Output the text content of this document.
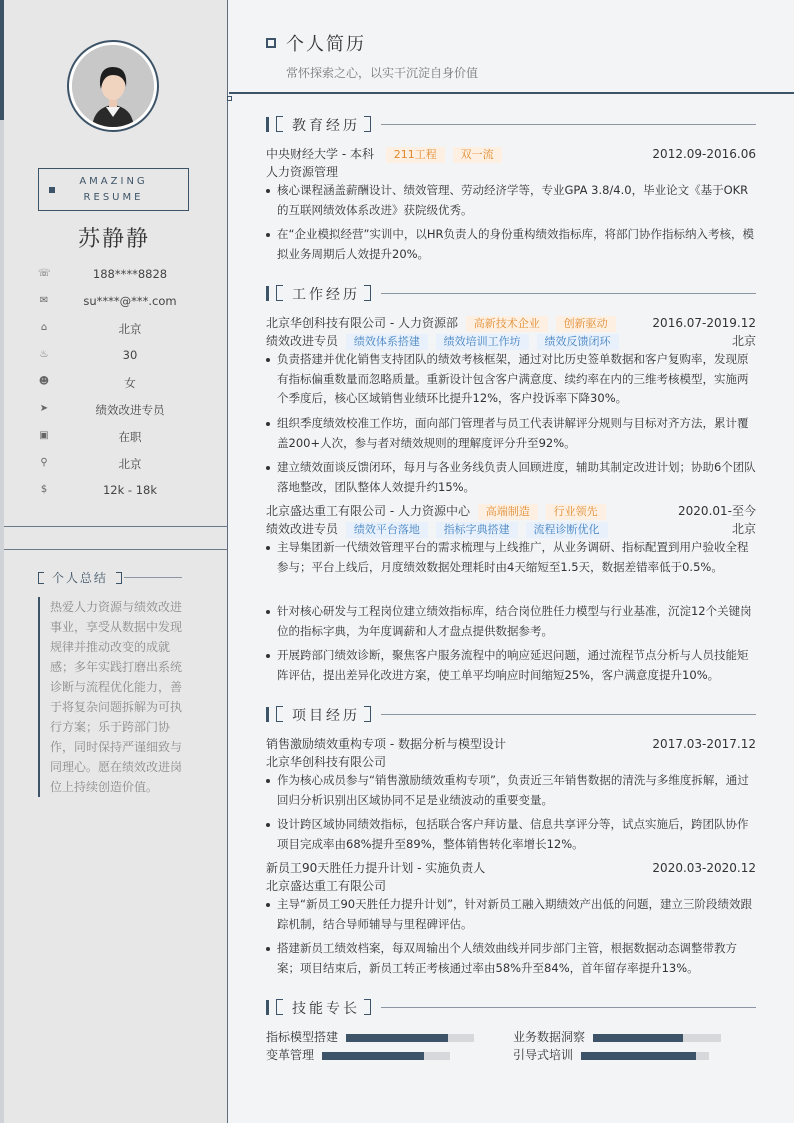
AMAZING
RESUME
苏静静
个人总结
热爱人力资源与绩效改进事业，享受从数据中发现规律并推动改变的成就感；多年实践打磨出系统诊断与流程优化能力，善于将复杂问题拆解为可执行方案；乐于跨部门协作，同时保持严谨细致与同理心。愿在绩效改进岗位上持续创造价值。
☏	188****8828
✉	su****@***.com
⌂	北京
♨	30
☻	女
➤	绩效改进专员
▣	在职
⚲	北京
$	12k - 18k
个人简历
常怀探索之心，以实干沉淀自身价值
教育经历
中央财经大学 - 本科 211工程 双一流	2012.09-2016.06
人力资源管理
核心课程涵盖薪酬设计、绩效管理、劳动经济学等，专业GPA 3.8/4.0，毕业论文《基于OKR的互联网绩效体系改进》获院级优秀。
在“企业模拟经营”实训中，以HR负责人的身份重构绩效指标库，将部门协作指标纳入考核，模拟业务周期后人效提升20%。
工作经历
北京华创科技有限公司 - 人力资源部 高新技术企业 创新驱动	2016.07-2019.12
绩效改进专员 绩效体系搭建 绩效培训工作坊 绩效反馈闭环	北京
负责搭建并优化销售支持团队的绩效考核框架，通过对比历史签单数据和客户复购率，发现原有指标偏重数量而忽略质量。重新设计包含客户满意度、续约率在内的三维考核模型，实施两个季度后，核心区域销售业绩环比提升12%，客户投诉率下降30%。
组织季度绩效校准工作坊，面向部门管理者与员工代表讲解评分规则与目标对齐方法，累计覆盖200+人次，参与者对绩效规则的理解度评分升至92%。
建立绩效面谈反馈闭环，每月与各业务线负责人回顾进度，辅助其制定改进计划；协助6个团队落地整改，团队整体人效提升约15%。
北京盛达重工有限公司 - 人力资源中心 高端制造 行业领先	2020.01-至今
绩效改进专员 绩效平台落地 指标字典搭建 流程诊断优化	北京
主导集团新一代绩效管理平台的需求梳理与上线推广，从业务调研、指标配置到用户验收全程参与；平台上线后，月度绩效数据处理耗时由4天缩短至1.5天，数据差错率低于0.5%。
针对核心研发与工程岗位建立绩效指标库，结合岗位胜任力模型与行业基准，沉淀12个关键岗位的指标字典，为年度调薪和人才盘点提供数据参考。
开展跨部门绩效诊断，聚焦客户服务流程中的响应延迟问题，通过流程节点分析与人员技能矩阵评估，提出差异化改进方案，使工单平均响应时间缩短25%，客户满意度提升10%。
项目经历
销售激励绩效重构专项 - 数据分析与模型设计	2017.03-2017.12
北京华创科技有限公司
作为核心成员参与“销售激励绩效重构专项”，负责近三年销售数据的清洗与多维度拆解，通过回归分析识别出区域协同不足是业绩波动的重要变量。
设计跨区域协同绩效指标，包括联合客户拜访量、信息共享评分等，试点实施后，跨团队协作项目完成率由68%提升至89%，整体销售转化率增长12%。
新员工90天胜任力提升计划 - 实施负责人	2020.03-2020.12
北京盛达重工有限公司
主导“新员工90天胜任力提升计划”，针对新员工融入期绩效产出低的问题，建立三阶段绩效跟踪机制，结合导师辅导与里程碑评估。
搭建新员工绩效档案，每双周输出个人绩效曲线并同步部门主管，根据数据动态调整带教方案；项目结束后，新员工转正考核通过率由58%升至84%，首年留存率提升13%。
技能专长
指标模型搭建	业务数据洞察
变革管理	引导式培训
